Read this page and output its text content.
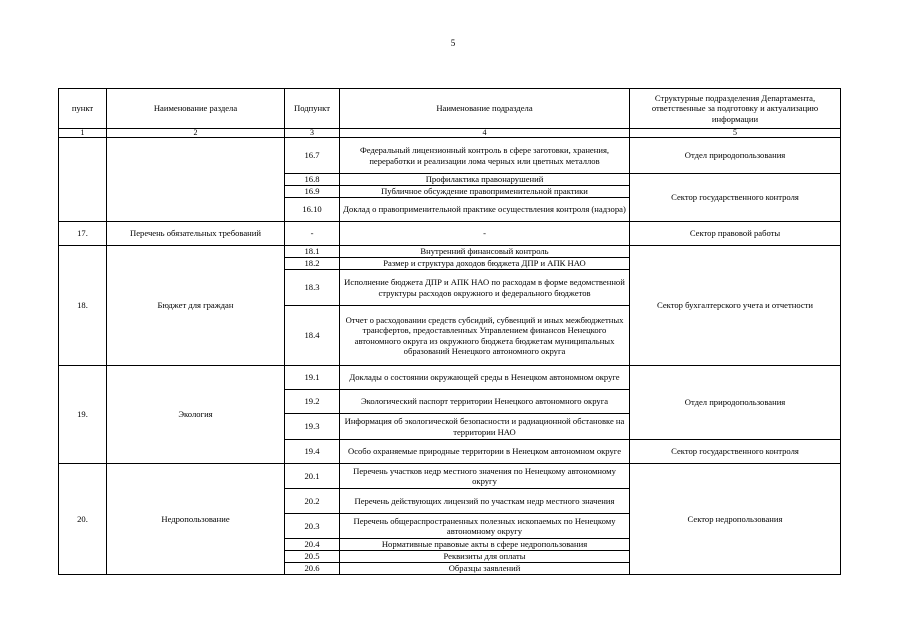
5
пункт	Наименование раздела	Подпункт	Наименование подраздела	Структурные подразделения Департамента, ответственные за подготовку и актуализацию информации
1	2	3	4	5
		16.7	Федеральный лицензионный контроль в сфере заготовки, хранения, переработки и реализации лома черных или цветных металлов	Отдел природопользования
		16.8	Профилактика правонарушений	Сектор государственного контроля
		16.9	Публичное обсуждение правоприменительной практики	
		16.10	Доклад о правоприменительной практике осуществления контроля (надзора)	
17.	Перечень обязательных требований	-	-	Сектор правовой работы
18.	Бюджет для граждан	18.1	Внутренний финансовый контроль	Сектор бухгалтерского учета и отчетности
		18.2	Размер и структура доходов бюджета ДПР и АПК НАО	
		18.3	Исполнение бюджета ДПР и АПК НАО по расходам в форме ведомственной структуры расходов окружного и федерального бюджетов	
		18.4	Отчет о расходовании средств субсидий, субвенций и иных межбюджетных трансфертов, предоставленных Управлением финансов Ненецкого автономного округа из окружного бюджета бюджетам муниципальных образований Ненецкого автономного округа	
19.	Экология	19.1	Доклады о состоянии окружающей среды в Ненецком автономном округе	Отдел природопользования
		19.2	Экологический паспорт территории Ненецкого автономного округа	
		19.3	Информация об экологической безопасности и радиационной обстановке на территории НАО	
		19.4	Особо охраняемые природные территории в Ненецком автономном округе	Сектор государственного контроля
20.	Недропользование	20.1	Перечень участков недр местного значения по Ненецкому автономному округу	Сектор недропользования
		20.2	Перечень действующих лицензий по участкам недр местного значения	
		20.3	Перечень общераспространенных полезных ископаемых по Ненецкому автономному округу	
		20.4	Нормативные правовые акты в сфере недропользования	
		20.5	Реквизиты для оплаты	
		20.6	Образцы заявлений	
